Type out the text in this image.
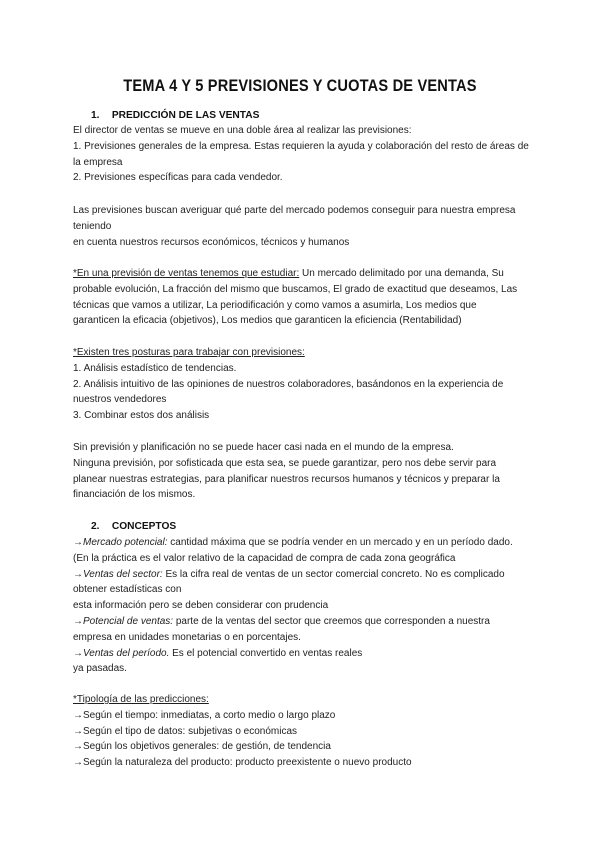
TEMA 4 Y 5 PREVISIONES Y CUOTAS DE VENTAS
1. PREDICCIÓN DE LAS VENTAS
El director de ventas se mueve en una doble área al realizar las previsiones:
1. Previsiones generales de la empresa. Estas requieren la ayuda y colaboración del resto de áreas de
la empresa
2. Previsiones específicas para cada vendedor.
Las previsiones buscan averiguar qué parte del mercado podemos conseguir para nuestra empresa
teniendo
en cuenta nuestros recursos económicos, técnicos y humanos
*En una previsión de ventas tenemos que estudiar: Un mercado delimitado por una demanda, Su
probable evolución, La fracción del mismo que buscamos, El grado de exactitud que deseamos, Las
técnicas que vamos a utilizar, La periodificación y como vamos a asumirla, Los medios que
garanticen la eficacia (objetivos), Los medios que garanticen la eficiencia (Rentabilidad)
*Existen tres posturas para trabajar con previsiones:
1. Análisis estadístico de tendencias.
2. Análisis intuitivo de las opiniones de nuestros colaboradores, basándonos en la experiencia de
nuestros vendedores
3. Combinar estos dos análisis
Sin previsión y planificación no se puede hacer casi nada en el mundo de la empresa.
Ninguna previsión, por sofisticada que esta sea, se puede garantizar, pero nos debe servir para
planear nuestras estrategias, para planificar nuestros recursos humanos y técnicos y preparar la
financiación de los mismos.
2. CONCEPTOS
→Mercado potencial: cantidad máxima que se podría vender en un mercado y en un período dado.
(En la práctica es el valor relativo de la capacidad de compra de cada zona geográfica
→Ventas del sector: Es la cifra real de ventas de un sector comercial concreto. No es complicado
obtener estadísticas con
esta información pero se deben considerar con prudencia
→Potencial de ventas: parte de la ventas del sector que creemos que corresponden a nuestra
empresa en unidades monetarias o en porcentajes.
→Ventas del período. Es el potencial convertido en ventas reales
ya pasadas.
*Tipología de las predicciones:
→Según el tiempo: inmediatas, a corto medio o largo plazo
→Según el tipo de datos: subjetivas o económicas
→Según los objetivos generales: de gestión, de tendencia
→Según la naturaleza del producto: producto preexistente o nuevo producto
